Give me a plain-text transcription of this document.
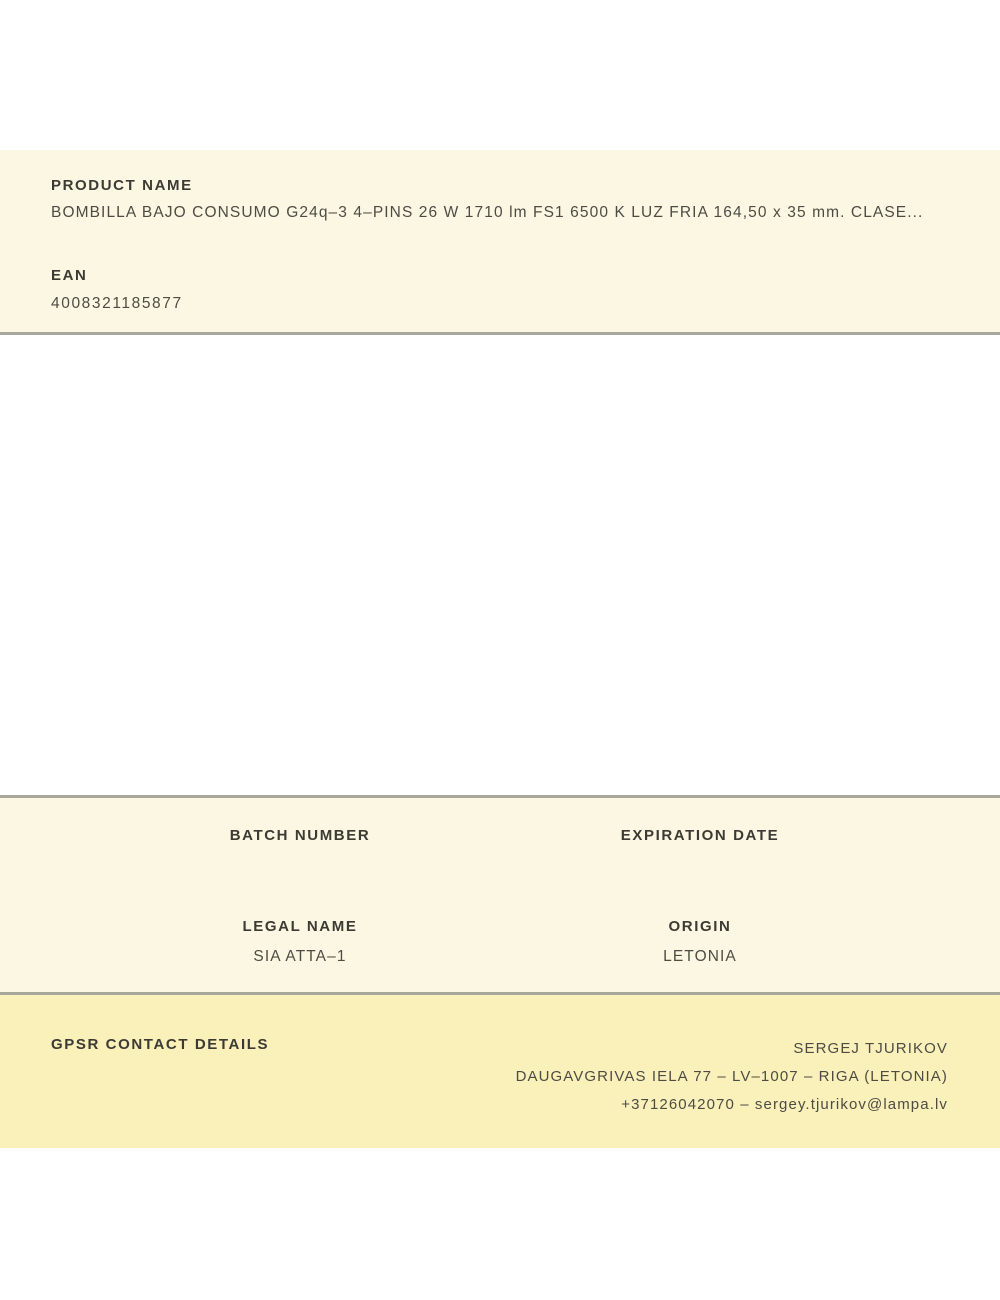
PRODUCT NAME
BOMBILLA BAJO CONSUMO G24q–3 4–PINS 26 W 1710 lm FS1 6500 K LUZ FRIA 164,50 x 35 mm. CLASE...
EAN
4008321185877
BATCH NUMBER
LEGAL NAME
SIA ATTA–1
EXPIRATION DATE
ORIGIN
LETONIA
GPSR CONTACT DETAILS	SERGEJ TJURIKOV
DAUGAVGRIVAS IELA 77 – LV–1007 – RIGA (LETONIA)
+37126042070 – sergey.tjurikov@lampa.lv
